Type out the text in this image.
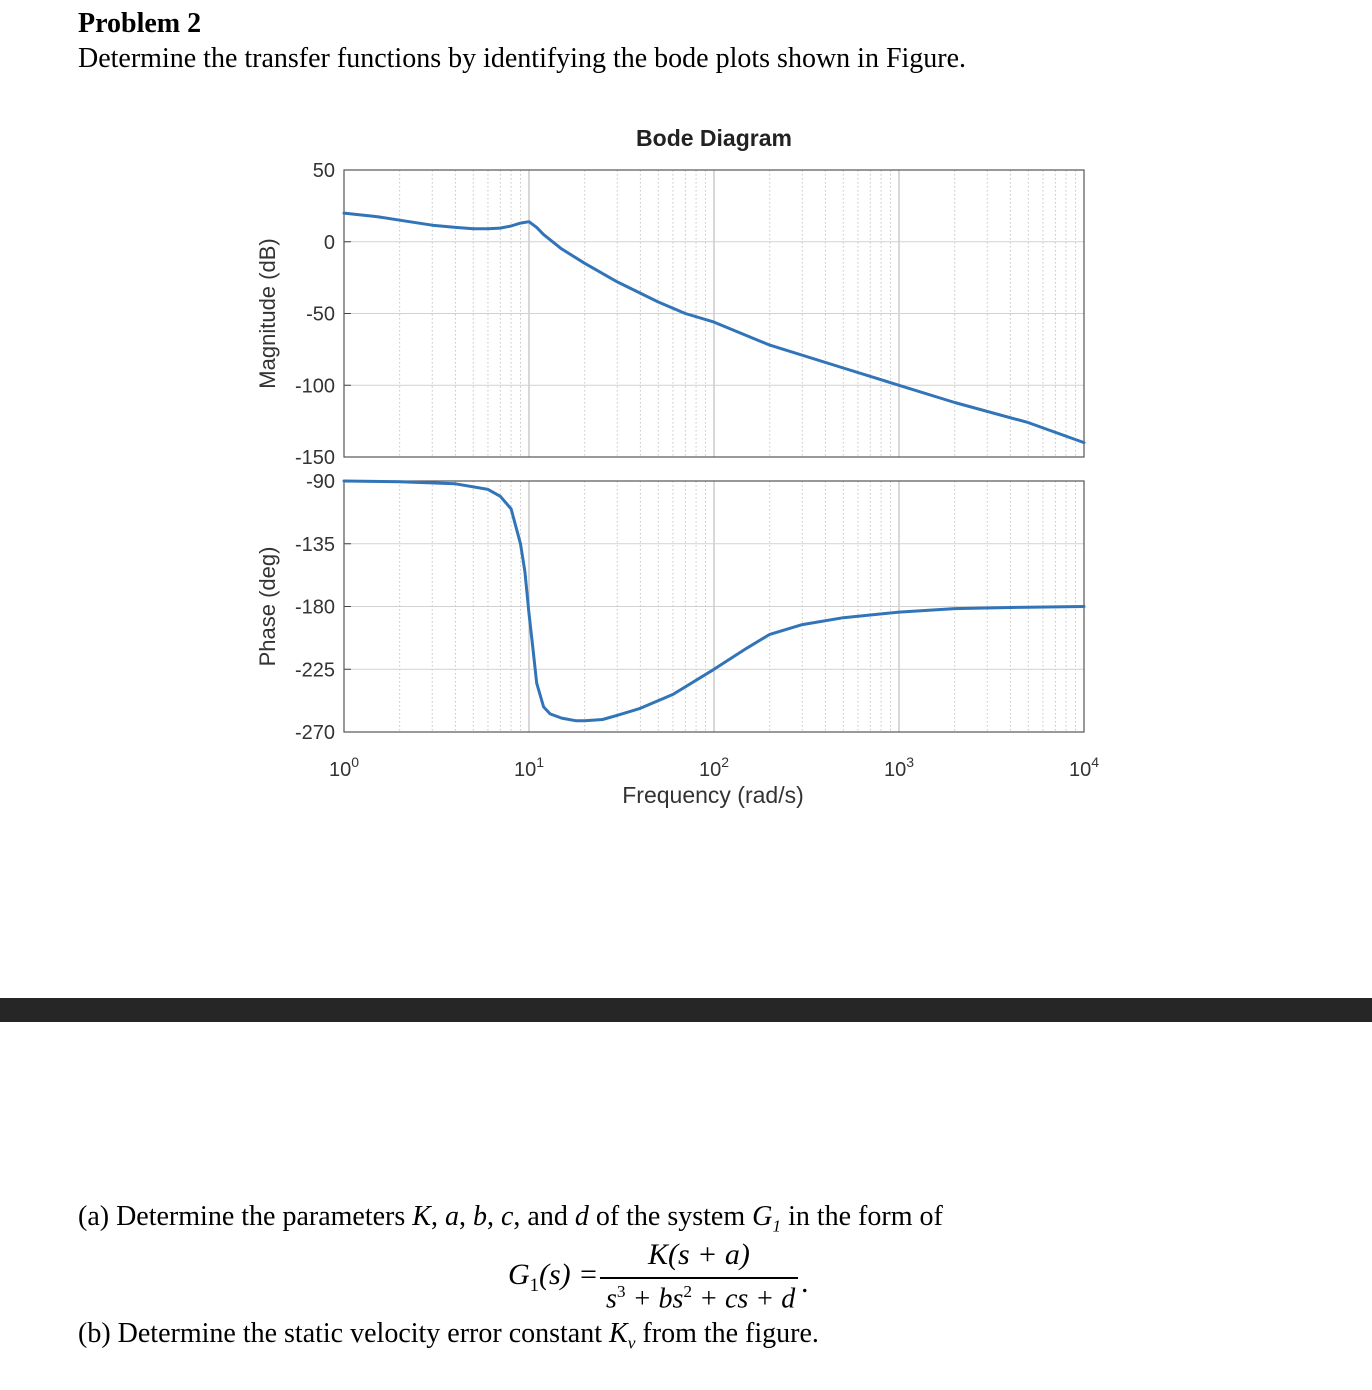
Problem 2
Determine the transfer functions by identifying the bode plots shown in Figure.
50
0
-50
-100
-150
Magnitude (dB)
-90
-135
-180
-225
-270
Phase (deg)
Bode Diagram
$10^0$	$10^1$	$10^2$	$10^3$	$10^4$
Frequency (rad/s)
(a) Determine the parameters K, a, b, c, and d of the system $G_1$ in the form of
$G_1(s)$ =
K(s + a)
$s^3 + bs^2$ + cs + d .
(b) Determine the static velocity error constant $K_v$ from the figure.
